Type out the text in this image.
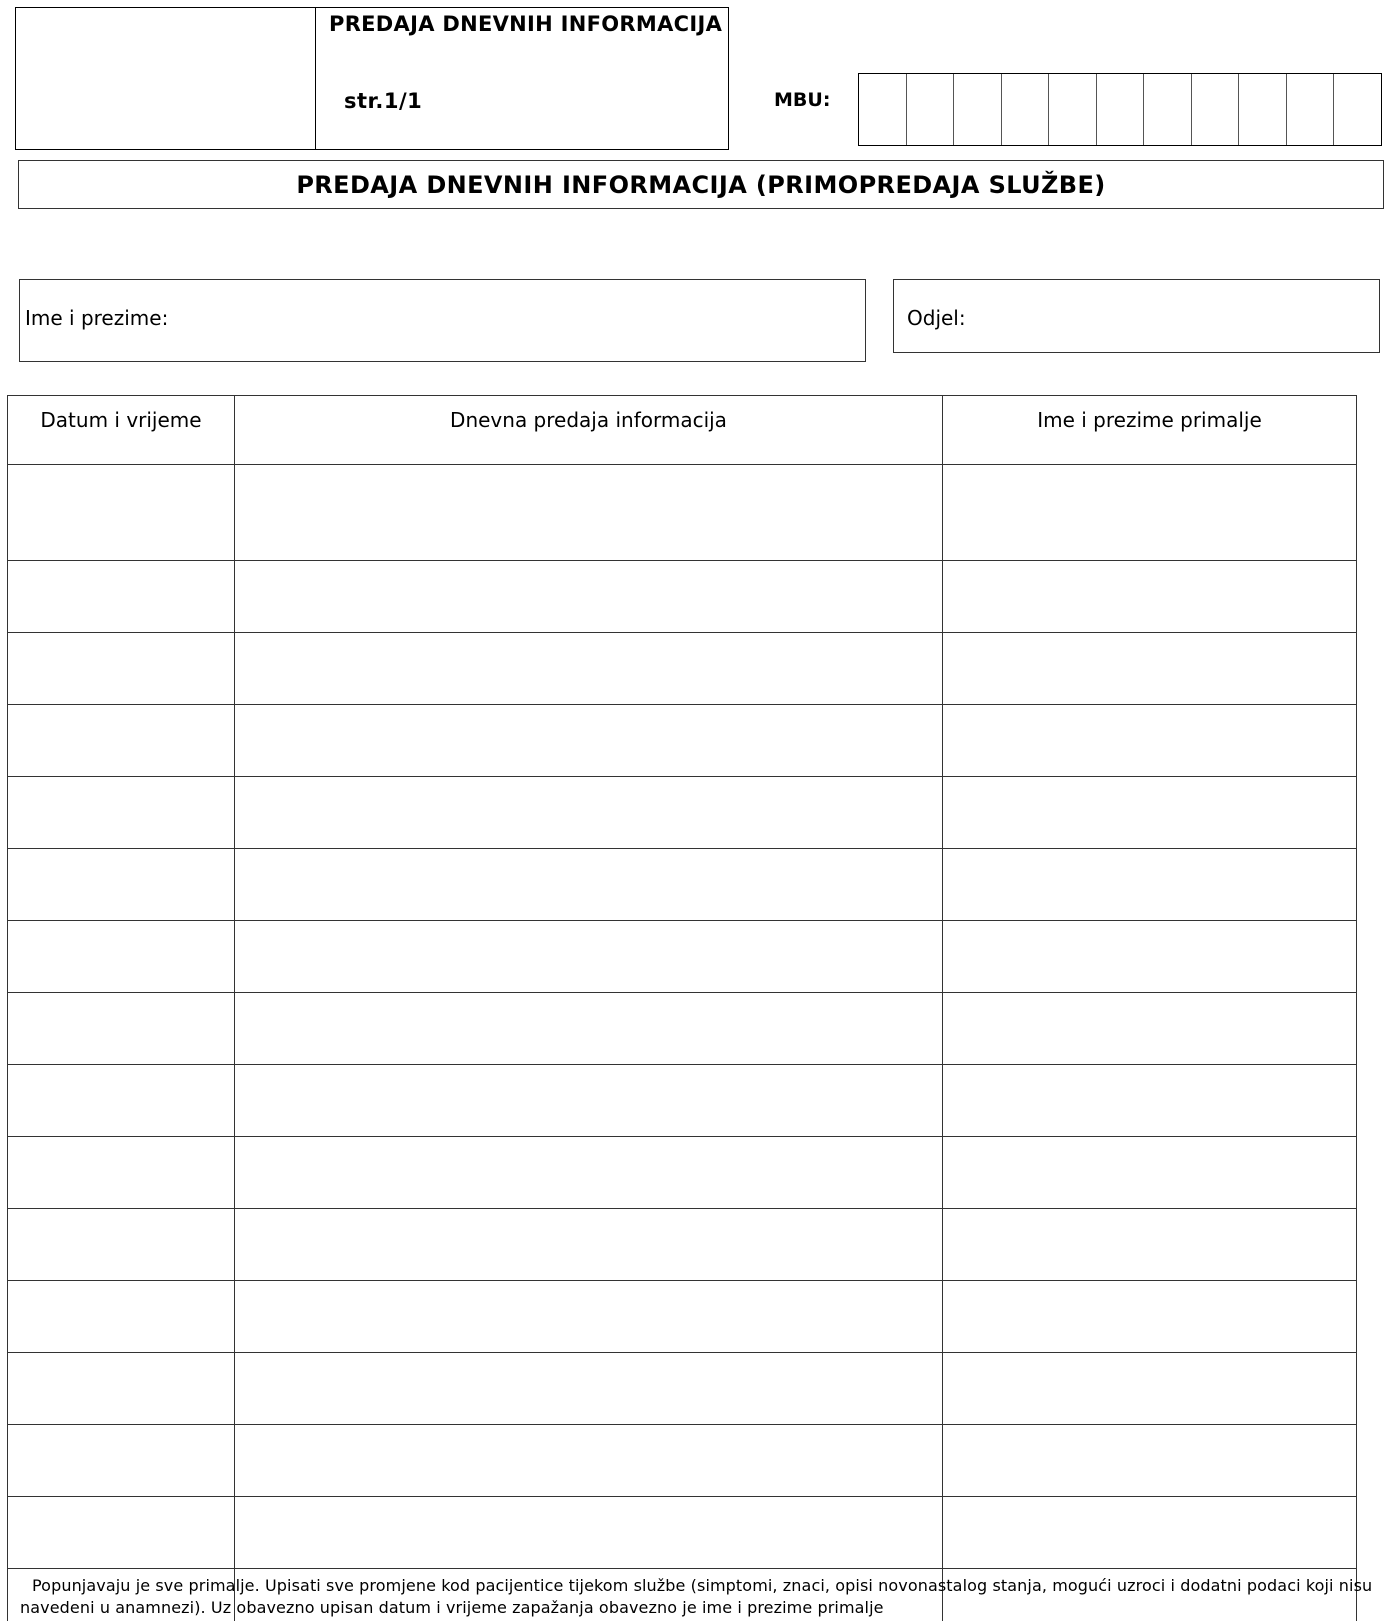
PREDAJA DNEVNIH INFORMACIJA
str.1/1	MBU:
PREDAJA DNEVNIH INFORMACIJA (PRIMOPREDAJA SLUŽBE)
Ime i prezime:	Odjel:
Datum i vrijeme	Dnevna predaja informacija	Ime i prezime primalje

Popunjavaju je sve primalje. Upisati sve promjene kod pacijentice tijekom službe (simptomi, znaci, opisi novonastalog stanja, mogući uzroci i dodatni podaci koji nisu navedeni u anamnezi). Uz obavezno upisan datum i vrijeme zapažanja obavezno je ime i prezime primalje
